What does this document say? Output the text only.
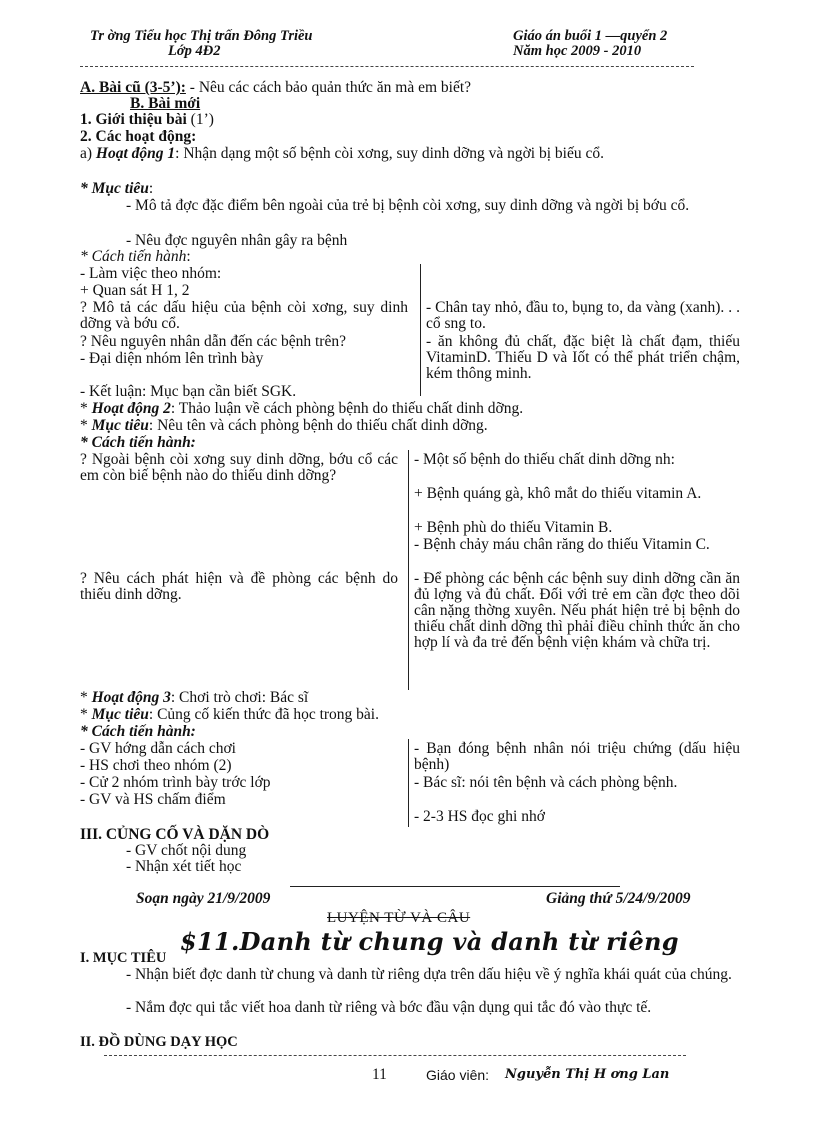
Tr ờng Tiểu học Thị trấn Đông Triều
Lớp 4Đ2
Giáo án buổi 1 —quyển 2
Năm học 2009 - 2010
A. Bài cũ (3-5’): - Nêu các cách bảo quản thức ăn mà em biết?
B. Bài mới
1. Giới thiệu bài (1’)
2. Các hoạt động:
a) Hoạt động 1: Nhận dạng một số bệnh còi xơng, suy dinh dỡng và ngời bị biếu cổ.
* Mục tiêu:
- Mô tả đợc đặc điểm bên ngoài của trẻ bị bệnh còi xơng, suy dinh dỡng và ngời bị bớu cổ.
- Nêu đợc nguyên nhân gây ra bệnh
* Cách tiến hành:
- Làm việc theo nhóm:
+ Quan sát H 1, 2
? Mô tả các dấu hiệu của bệnh còi xơng, suy dinh dỡng và bớu cổ.
? Nêu nguyên nhân dẫn đến các bệnh trên?
- Đại diện nhóm lên trình bày
- Chân tay nhỏ, đầu to, bụng to, da vàng (xanh). . . cổ sng to.
- ăn không đủ chất, đặc biệt là chất đạm, thiếu VitaminD. Thiếu D và Iốt có thể phát triển chậm, kém thông minh.
- Kết luận: Mục bạn cần biết SGK.
* Hoạt động 2: Thảo luận về cách phòng bệnh do thiếu chất dinh dỡng.
* Mục tiêu: Nêu tên và cách phòng bệnh do thiếu chất dinh dỡng.
* Cách tiến hành:
? Ngoài bệnh còi xơng suy dinh dỡng, bớu cổ các em còn biế bệnh nào do thiếu dinh dỡng?
? Nêu cách phát hiện và đề phòng các bệnh do thiếu dinh dỡng.
- Một số bệnh do thiếu chất dinh dỡng nh:
+ Bệnh quáng gà, khô mắt do thiếu vitamin A.
+ Bệnh phù do thiếu Vitamin B.
- Bệnh chảy máu chân răng do thiếu Vitamin C.
- Để phòng các bệnh các bệnh suy dinh dỡng cần ăn đủ lợng và đủ chất. Đối với trẻ em cần đợc theo dõi cân nặng thờng xuyên. Nếu phát hiện trẻ bị bệnh do thiếu chất dinh dỡng thì phải điều chỉnh thức ăn cho hợp lí và đa trẻ đến bệnh viện khám và chữa trị.
* Hoạt động 3: Chơi trò chơi: Bác sĩ
* Mục tiêu: Củng cố kiến thức đã học trong bài.
* Cách tiến hành:
- GV hớng dẫn cách chơi
- HS chơi theo nhóm (2)
- Cử 2 nhóm trình bày trớc lớp
- GV và HS chấm điểm
- Bạn đóng bệnh nhân nói triệu chứng (dấu hiệu bệnh)
- Bác sĩ: nói tên bệnh và cách phòng bệnh.
- 2-3 HS đọc ghi nhớ
III. CỦNG CỐ VÀ DẶN DÒ
- GV chốt nội dung
- Nhận xét tiết học
Soạn ngày 21/9/2009	Giảng thứ 5/24/9/2009
LUYỆN TỪ VÀ CÂU
$11.Danh từ chung và danh từ riêng
I. MỤC TIÊU
- Nhận biết đợc danh từ chung và danh từ riêng dựa trên dấu hiệu về ý nghĩa khái quát của chúng.
- Nắm đợc qui tắc viết hoa danh từ riêng và bớc đầu vận dụng qui tắc đó vào thực tế.
II. ĐỒ DÙNG DẠY HỌC
11	Giáo viên: Nguyễn Thị H ơng Lan
